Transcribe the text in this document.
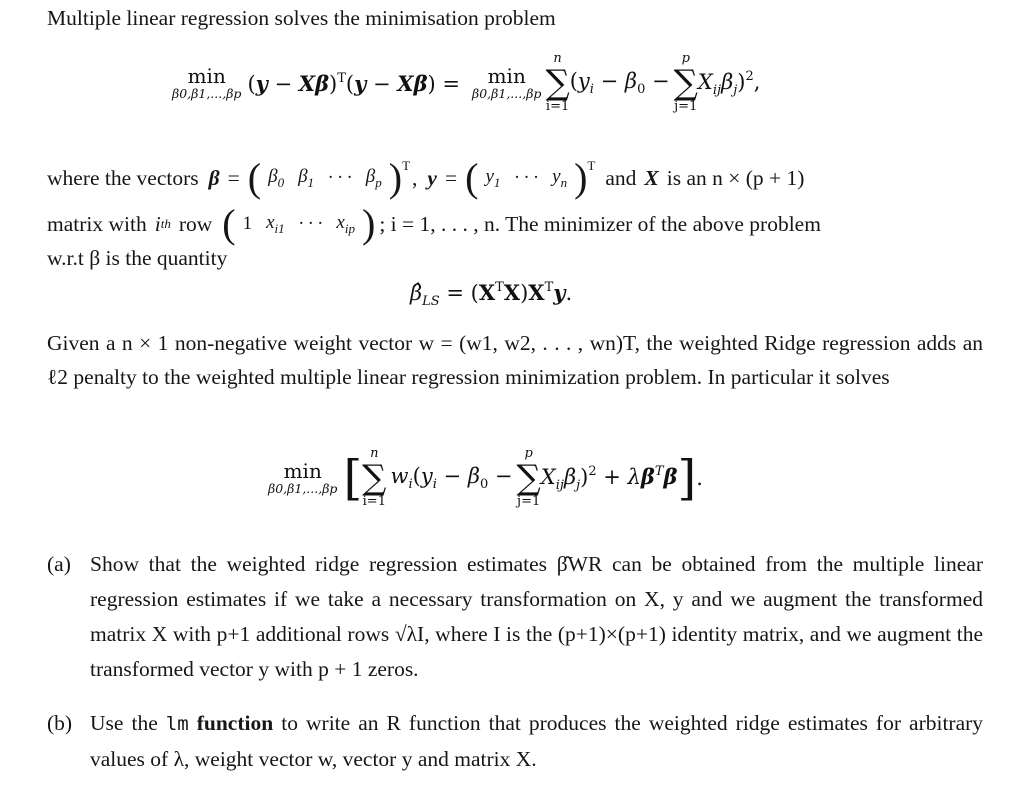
Multiple linear regression solves the minimisation problem
min
β0,β1,...,βp $(y - X\beta)^T(y - X\beta) = \min$
β0,β1,...,βp
n
∑
i=1
($y_i - \beta_0$ −
p
∑
j=1
$X_{ij}\beta_j)^2$,
where the vectors β = ( $\beta_0$ $\beta_1$ · · · $\beta_p$ ) T , y = ( $y_1$ · · · $y_n$ ) T and X is an n × (p + 1)
matrix with i th row ( 1 $x_{i1}$ · · · $x_{ip}$ ) ; i = 1, . . . , n. The minimizer of the above problem
w.r.t β is the quantity
$\betâ_{LS} = (X^TX)X^Ty$.
Given a n × 1 non-negative weight vector w = (w1, w2, . . . , wn)T, the weighted Ridge regression adds an ℓ2 penalty to the weighted multiple linear regression minimization problem. In particular it solves
min
β0,β1,...,βp [ n
∑
i=1
$w_i(y_i - \beta_0$ −
p
∑
j=1
$X_{ij}\beta_j)^2 + \lambda\beta^T\beta$ ] .
(a) Show that the weighted ridge regression estimates β̂WR can be obtained from the multiple linear regression estimates if we take a necessary transformation on X, y and we augment the transformed matrix X with p+1 additional rows √λI, where I is the (p+1)×(p+1) identity matrix, and we augment the transformed vector y with p + 1 zeros.
(b) Use the lm function to write an R function that produces the weighted ridge estimates for arbitrary values of λ, weight vector w, vector y and matrix X.
